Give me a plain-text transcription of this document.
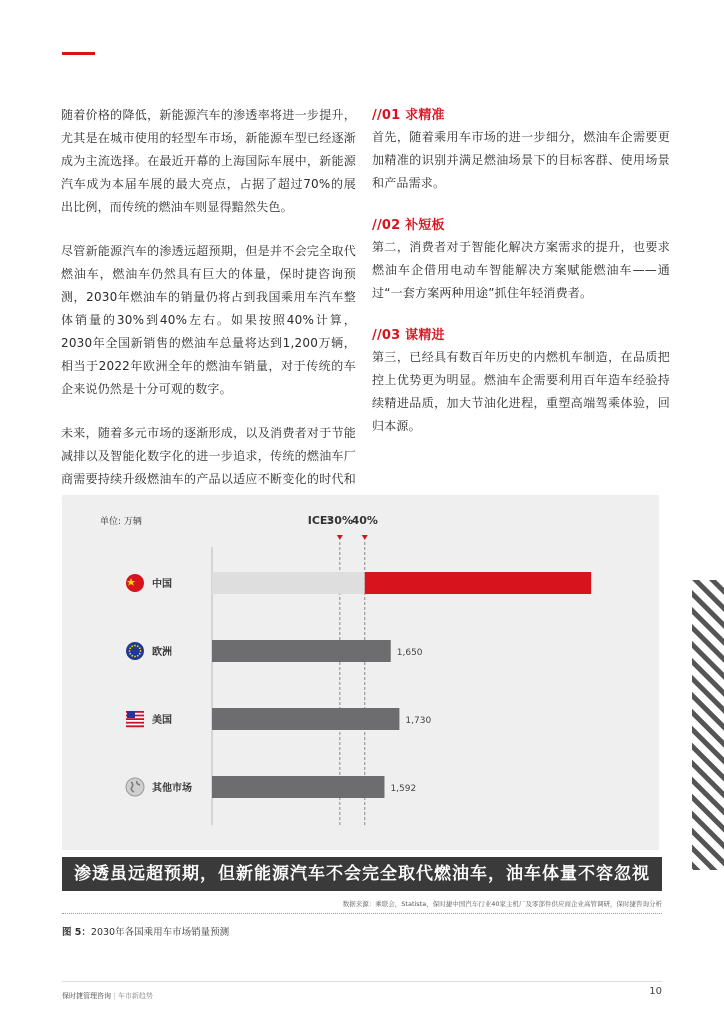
随着价格的降低，新能源汽车的渗透率将进一步提升，尤其是在城市使用的轻型车市场，新能源车型已经逐渐成为主流选择。在最近开幕的上海国际车展中，新能源汽车成为本届车展的最大亮点，占据了超过70%的展出比例，而传统的燃油车则显得黯然失色。

尽管新能源汽车的渗透远超预期，但是并不会完全取代燃油车，燃油车仍然具有巨大的体量，保时捷咨询预测，2030年燃油车的销量仍将占到我国乘用车汽车整体销量的30%到40%左右。如果按照40%计算，2030年全国新销售的燃油车总量将达到1,200万辆，相当于2022年欧洲全年的燃油车销量，对于传统的车企来说仍然是十分可观的数字。

未来，随着多元市场的逐渐形成，以及消费者对于节能减排以及智能化数字化的进一步追求，传统的燃油车厂商需要持续升级燃油车的产品以适应不断变化的时代和

//01 求精准

首先，随着乘用车市场的进一步细分，燃油车企需要更加精准的识别并满足燃油场景下的目标客群、使用场景和产品需求。

//02 补短板

第二，消费者对于智能化解决方案需求的提升，也要求燃油车企借用电动车智能解决方案赋能燃油车——通过“一套方案两种用途”抓住年轻消费者。

//03 谋精进

第三，已经具有数百年历史的内燃机车制造，在品质把控上优势更为明显。燃油车企需要利用百年造车经验持续精进品质，加大节油化进程，重塑高端驾乘体验，回归本源。

单位: 万辆	ICE:
30%
40%
中国
欧洲	1,650
美国	1,730
其他市场	1,592
渗透虽远超预期，但新能源汽车不会完全取代燃油车，油车体量不容忽视
数据来源：乘联会，Statista，保时捷中国汽车行业40家主机厂及零部件供应商企业高管调研，保时捷咨询分析
图 5：2030年各国乘用车市场销量预测
保时捷管理咨询 | 车市新趋势	10
